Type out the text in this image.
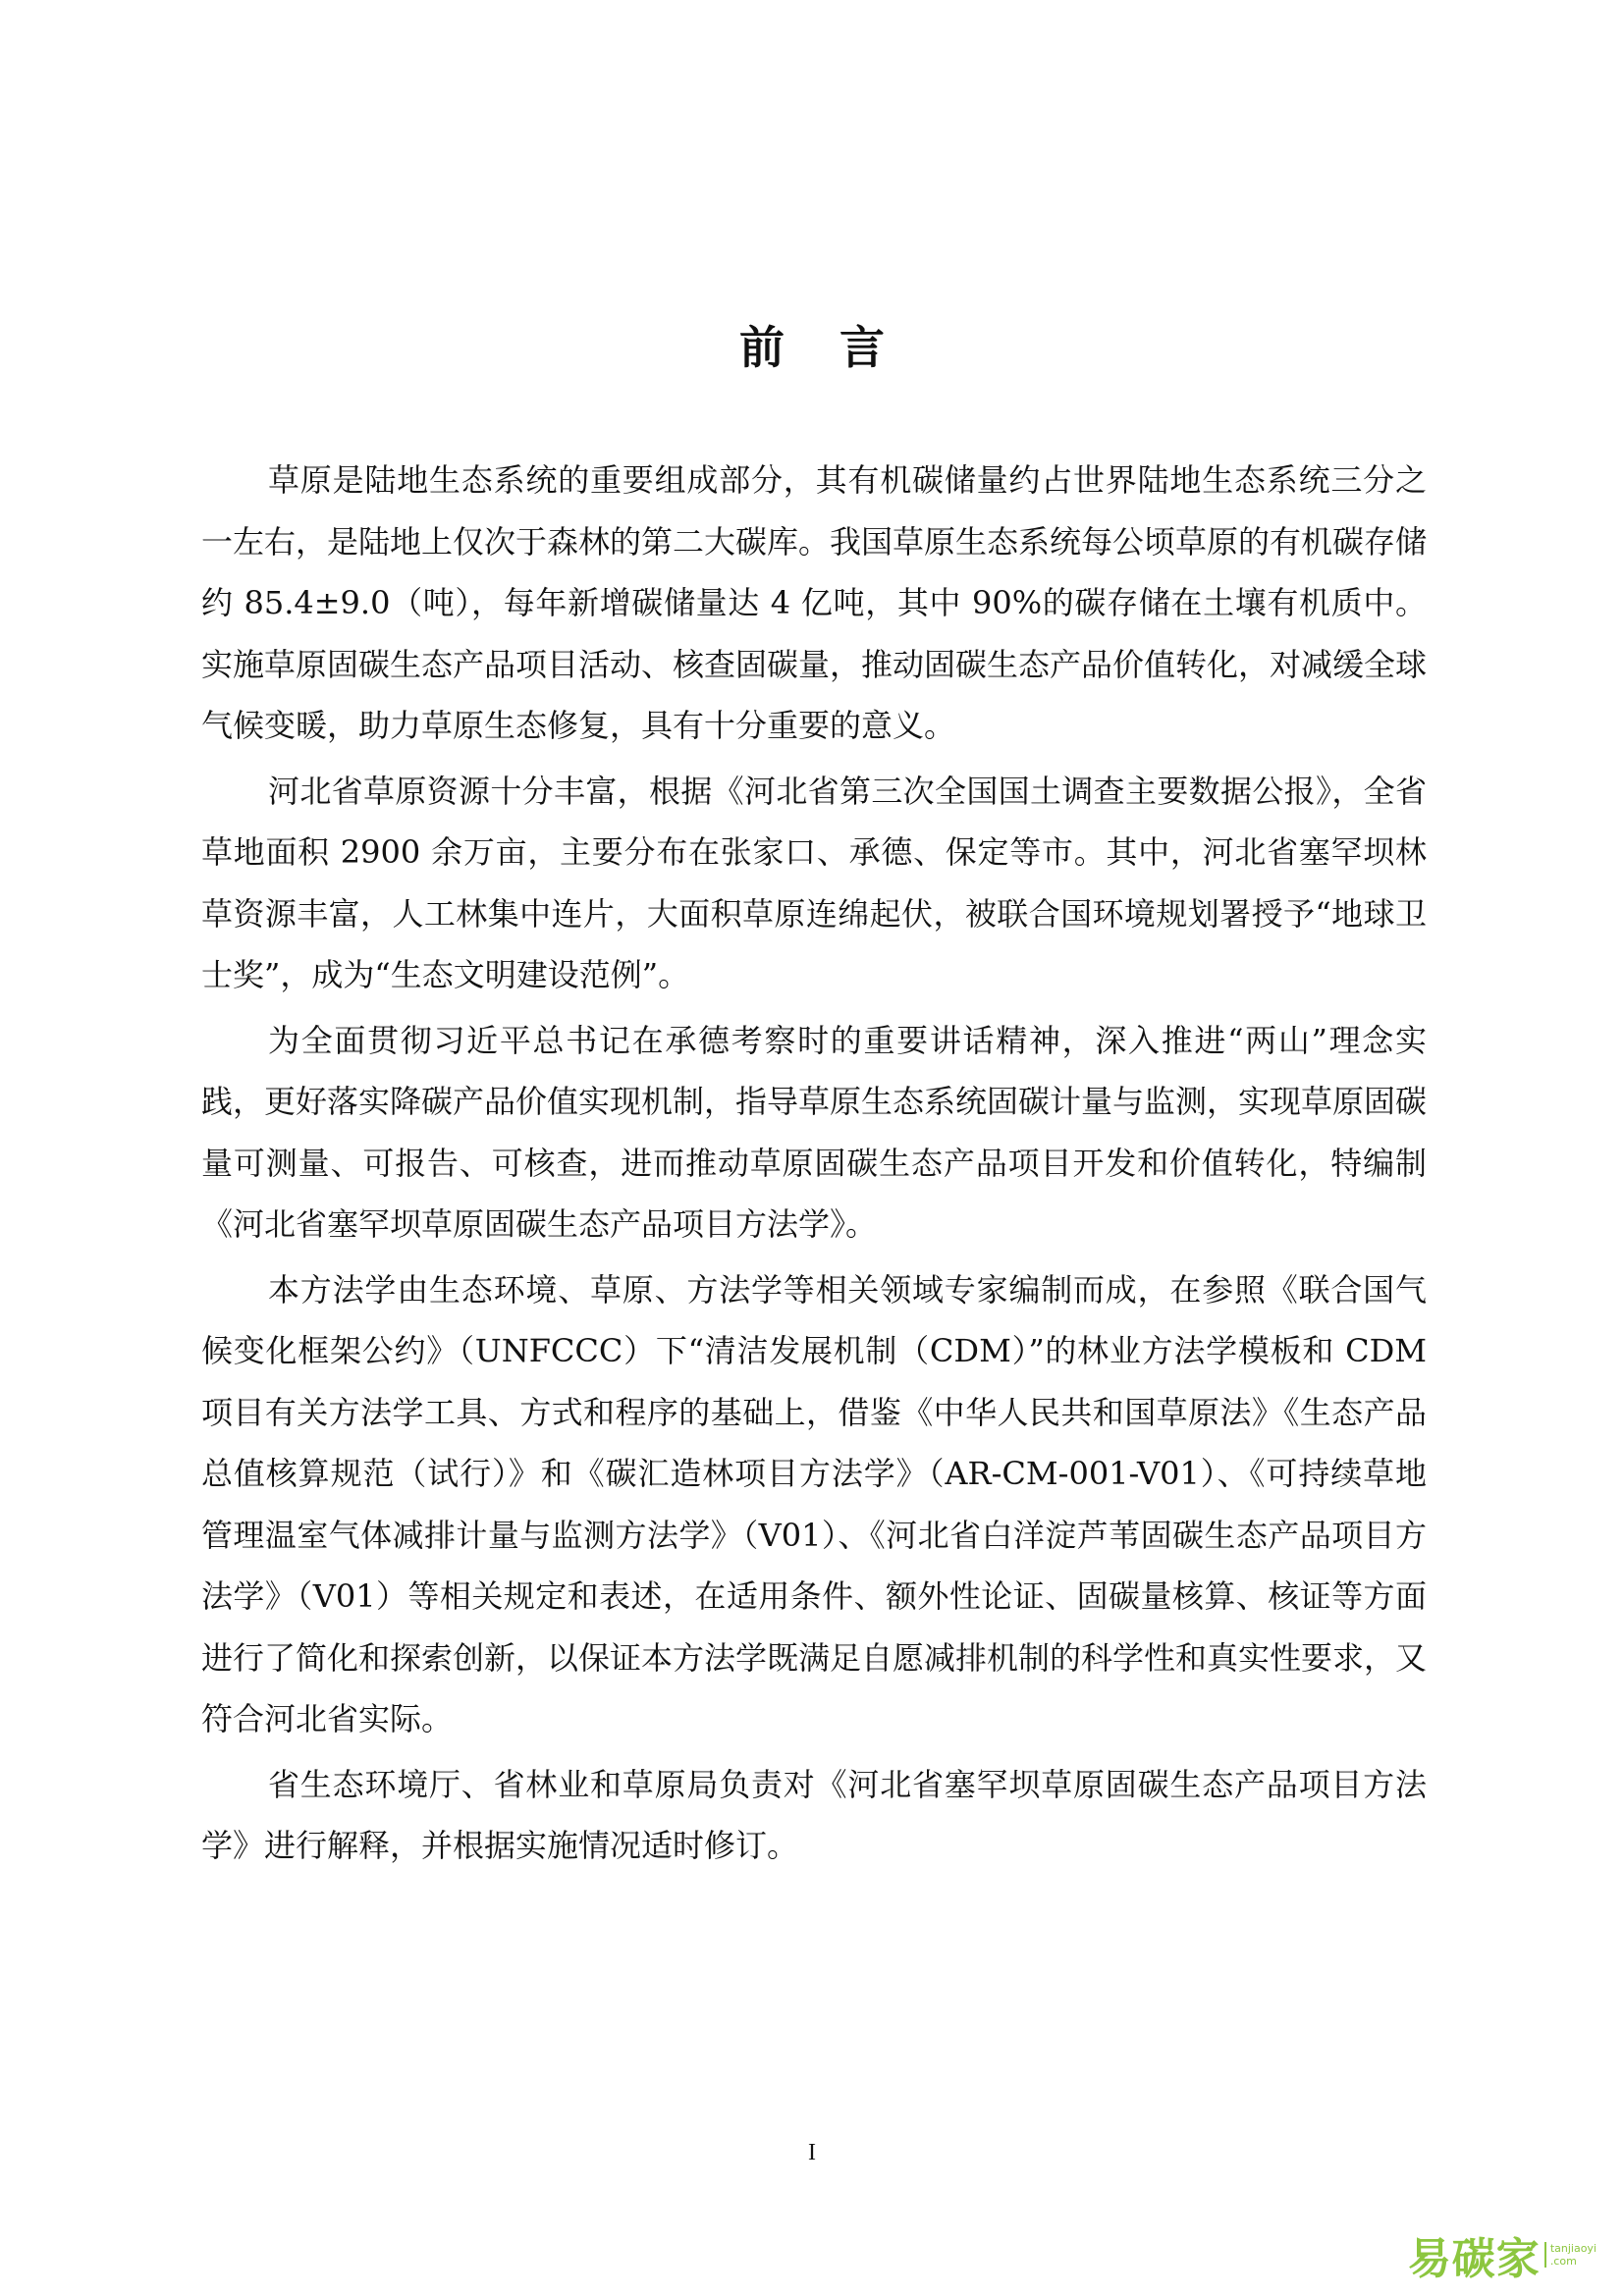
前 言

草原是陆地生态系统的重要组成部分，其有机碳储量约占世界陆地生态系统三分之一左右，是陆地上仅次于森林的第二大碳库。我国草原生态系统每公顷草原的有机碳存储约 85.4±9.0（吨），每年新增碳储量达 4 亿吨，其中 90%的碳存储在土壤有机质中。实施草原固碳生态产品项目活动、核查固碳量，推动固碳生态产品价值转化，对减缓全球气候变暖，助力草原生态修复，具有十分重要的意义。

河北省草原资源十分丰富，根据《河北省第三次全国国土调查主要数据公报》，全省草地面积 2900 余万亩，主要分布在张家口、承德、保定等市。其中，河北省塞罕坝林草资源丰富，人工林集中连片，大面积草原连绵起伏，被联合国环境规划署授予“地球卫士奖”，成为“生态文明建设范例”。

为全面贯彻习近平总书记在承德考察时的重要讲话精神，深入推进“两山”理念实践，更好落实降碳产品价值实现机制，指导草原生态系统固碳计量与监测，实现草原固碳量可测量、可报告、可核查，进而推动草原固碳生态产品项目开发和价值转化，特编制《河北省塞罕坝草原固碳生态产品项目方法学》。

本方法学由生态环境、草原、方法学等相关领域专家编制而成，在参照《联合国气候变化框架公约》（UNFCCC）下“清洁发展机制（CDM）”的林业方法学模板和 CDM 项目有关方法学工具、方式和程序的基础上，借鉴《中华人民共和国草原法》《生态产品总值核算规范（试行）》和《碳汇造林项目方法学》（AR-CM-001-V01）、《可持续草地管理温室气体减排计量与监测方法学》（V01）、《河北省白洋淀芦苇固碳生态产品项目方法学》（V01）等相关规定和表述，在适用条件、额外性论证、固碳量核算、核证等方面进行了简化和探索创新，以保证本方法学既满足自愿减排机制的科学性和真实性要求，又符合河北省实际。

省生态环境厅、省林业和草原局负责对《河北省塞罕坝草原固碳生态产品项目方法学》进行解释，并根据实施情况适时修订。

I
易碳家 tanjiaoyi
.com
